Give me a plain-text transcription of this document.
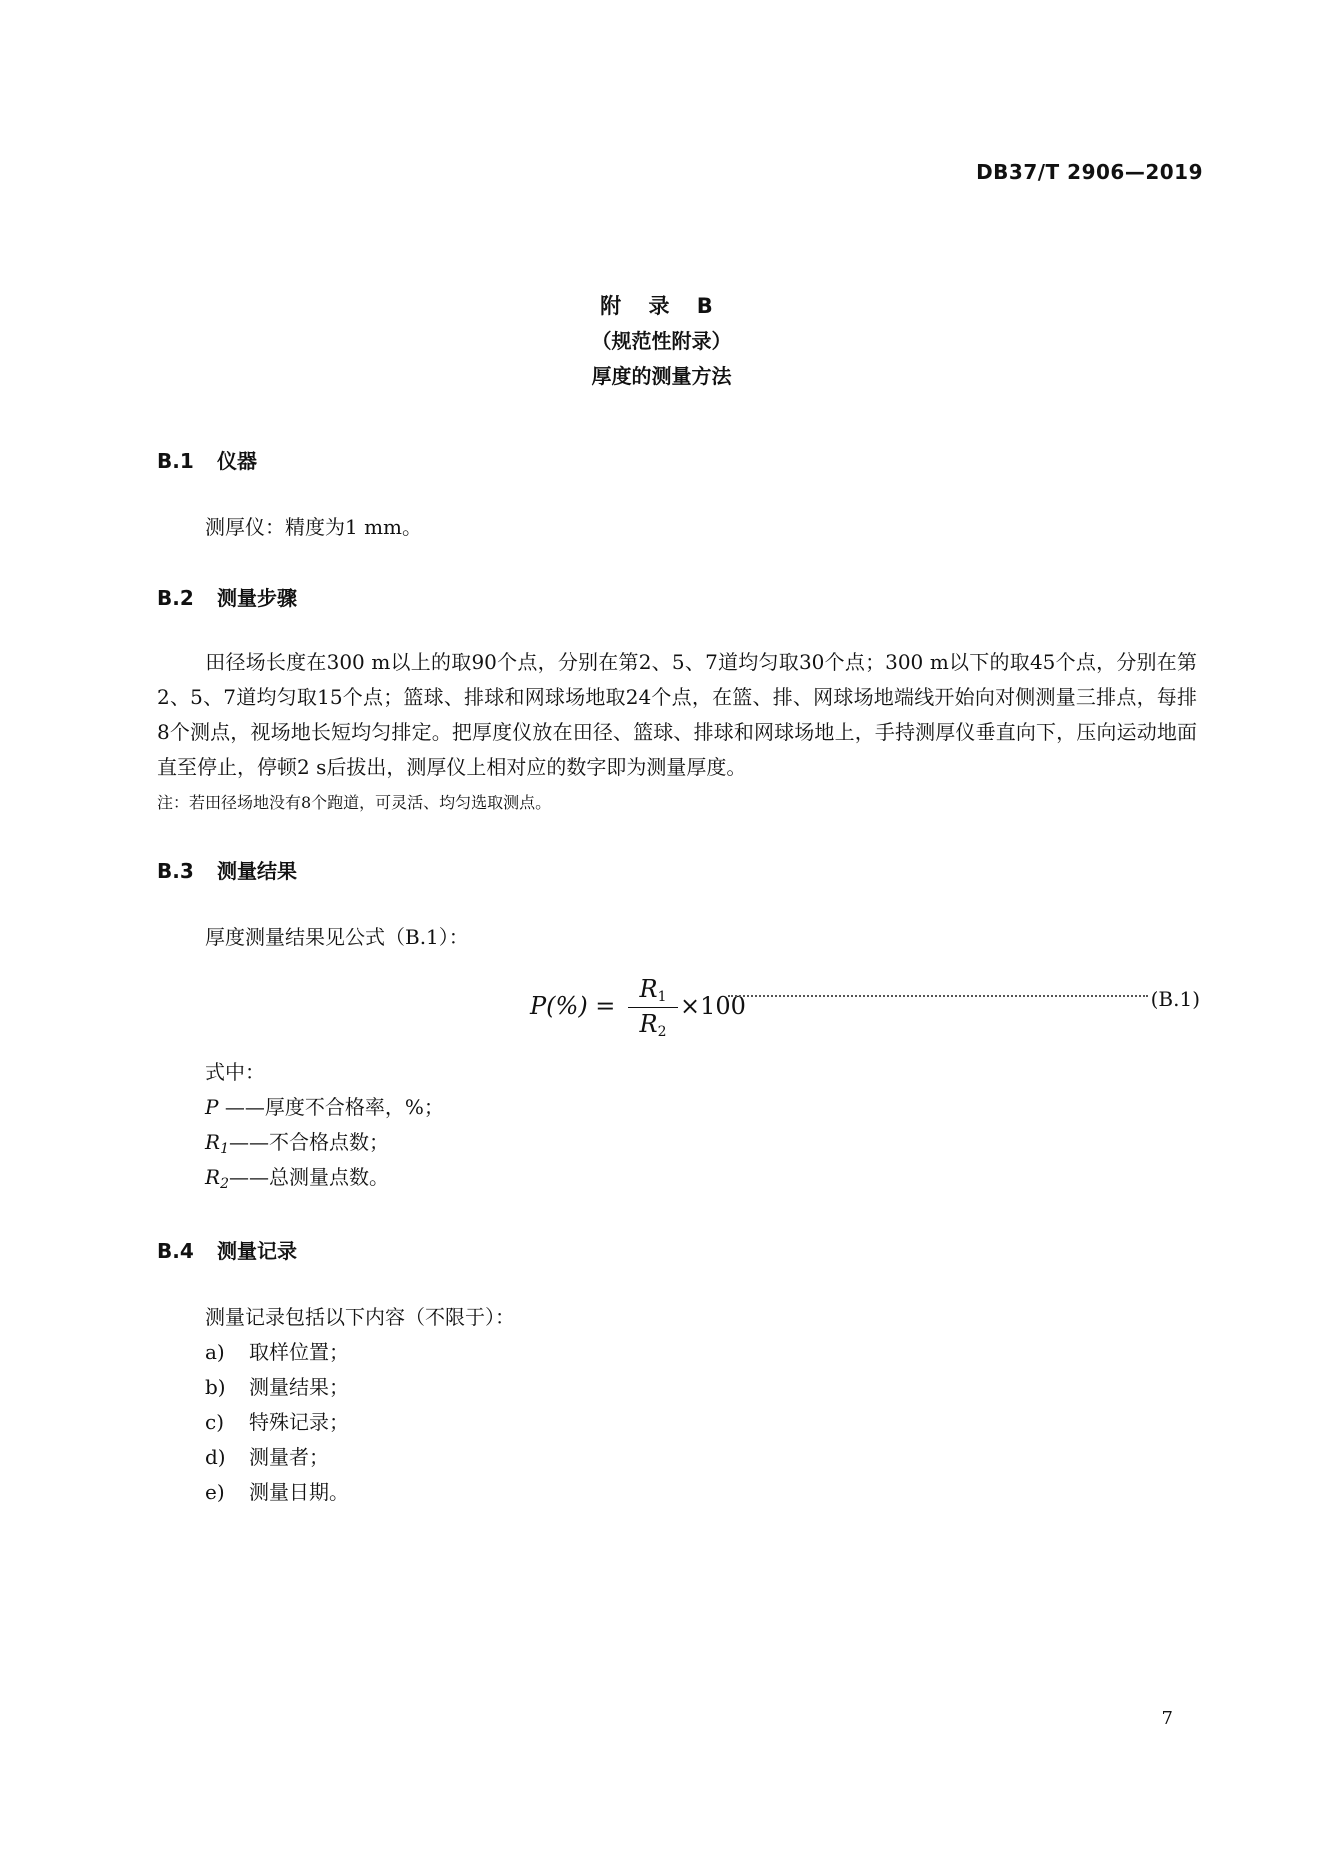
DB37/T 2906—2019
附 录 B
（规范性附录）
厚度的测量方法
B.1 仪器
测厚仪：精度为1 mm。
B.2 测量步骤
田径场长度在300 m以上的取90个点，分别在第2、5、7道均匀取30个点；300 m以下的取45个点，分别在第2、5、7道均匀取15个点；篮球、排球和网球场地取24个点，在篮、排、网球场地端线开始向对侧测量三排点，每排8个测点，视场地长短均匀排定。把厚度仪放在田径、篮球、排球和网球场地上，手持测厚仪垂直向下，压向运动地面直至停止，停顿2 s后拔出，测厚仪上相对应的数字即为测量厚度。
注：若田径场地没有8个跑道，可灵活、均匀选取测点。
B.3 测量结果
厚度测量结果见公式（B.1）：
P(%) =
$R_1$
$R_2$
×100	(B.1)
式中：
P ——厚度不合格率，%；
$R_1——$不合格点数；
$R_2——$总测量点数。
B.4 测量记录
测量记录包括以下内容（不限于）：
a) 取样位置；
b) 测量结果；
c) 特殊记录；
d) 测量者；
e) 测量日期。
7
